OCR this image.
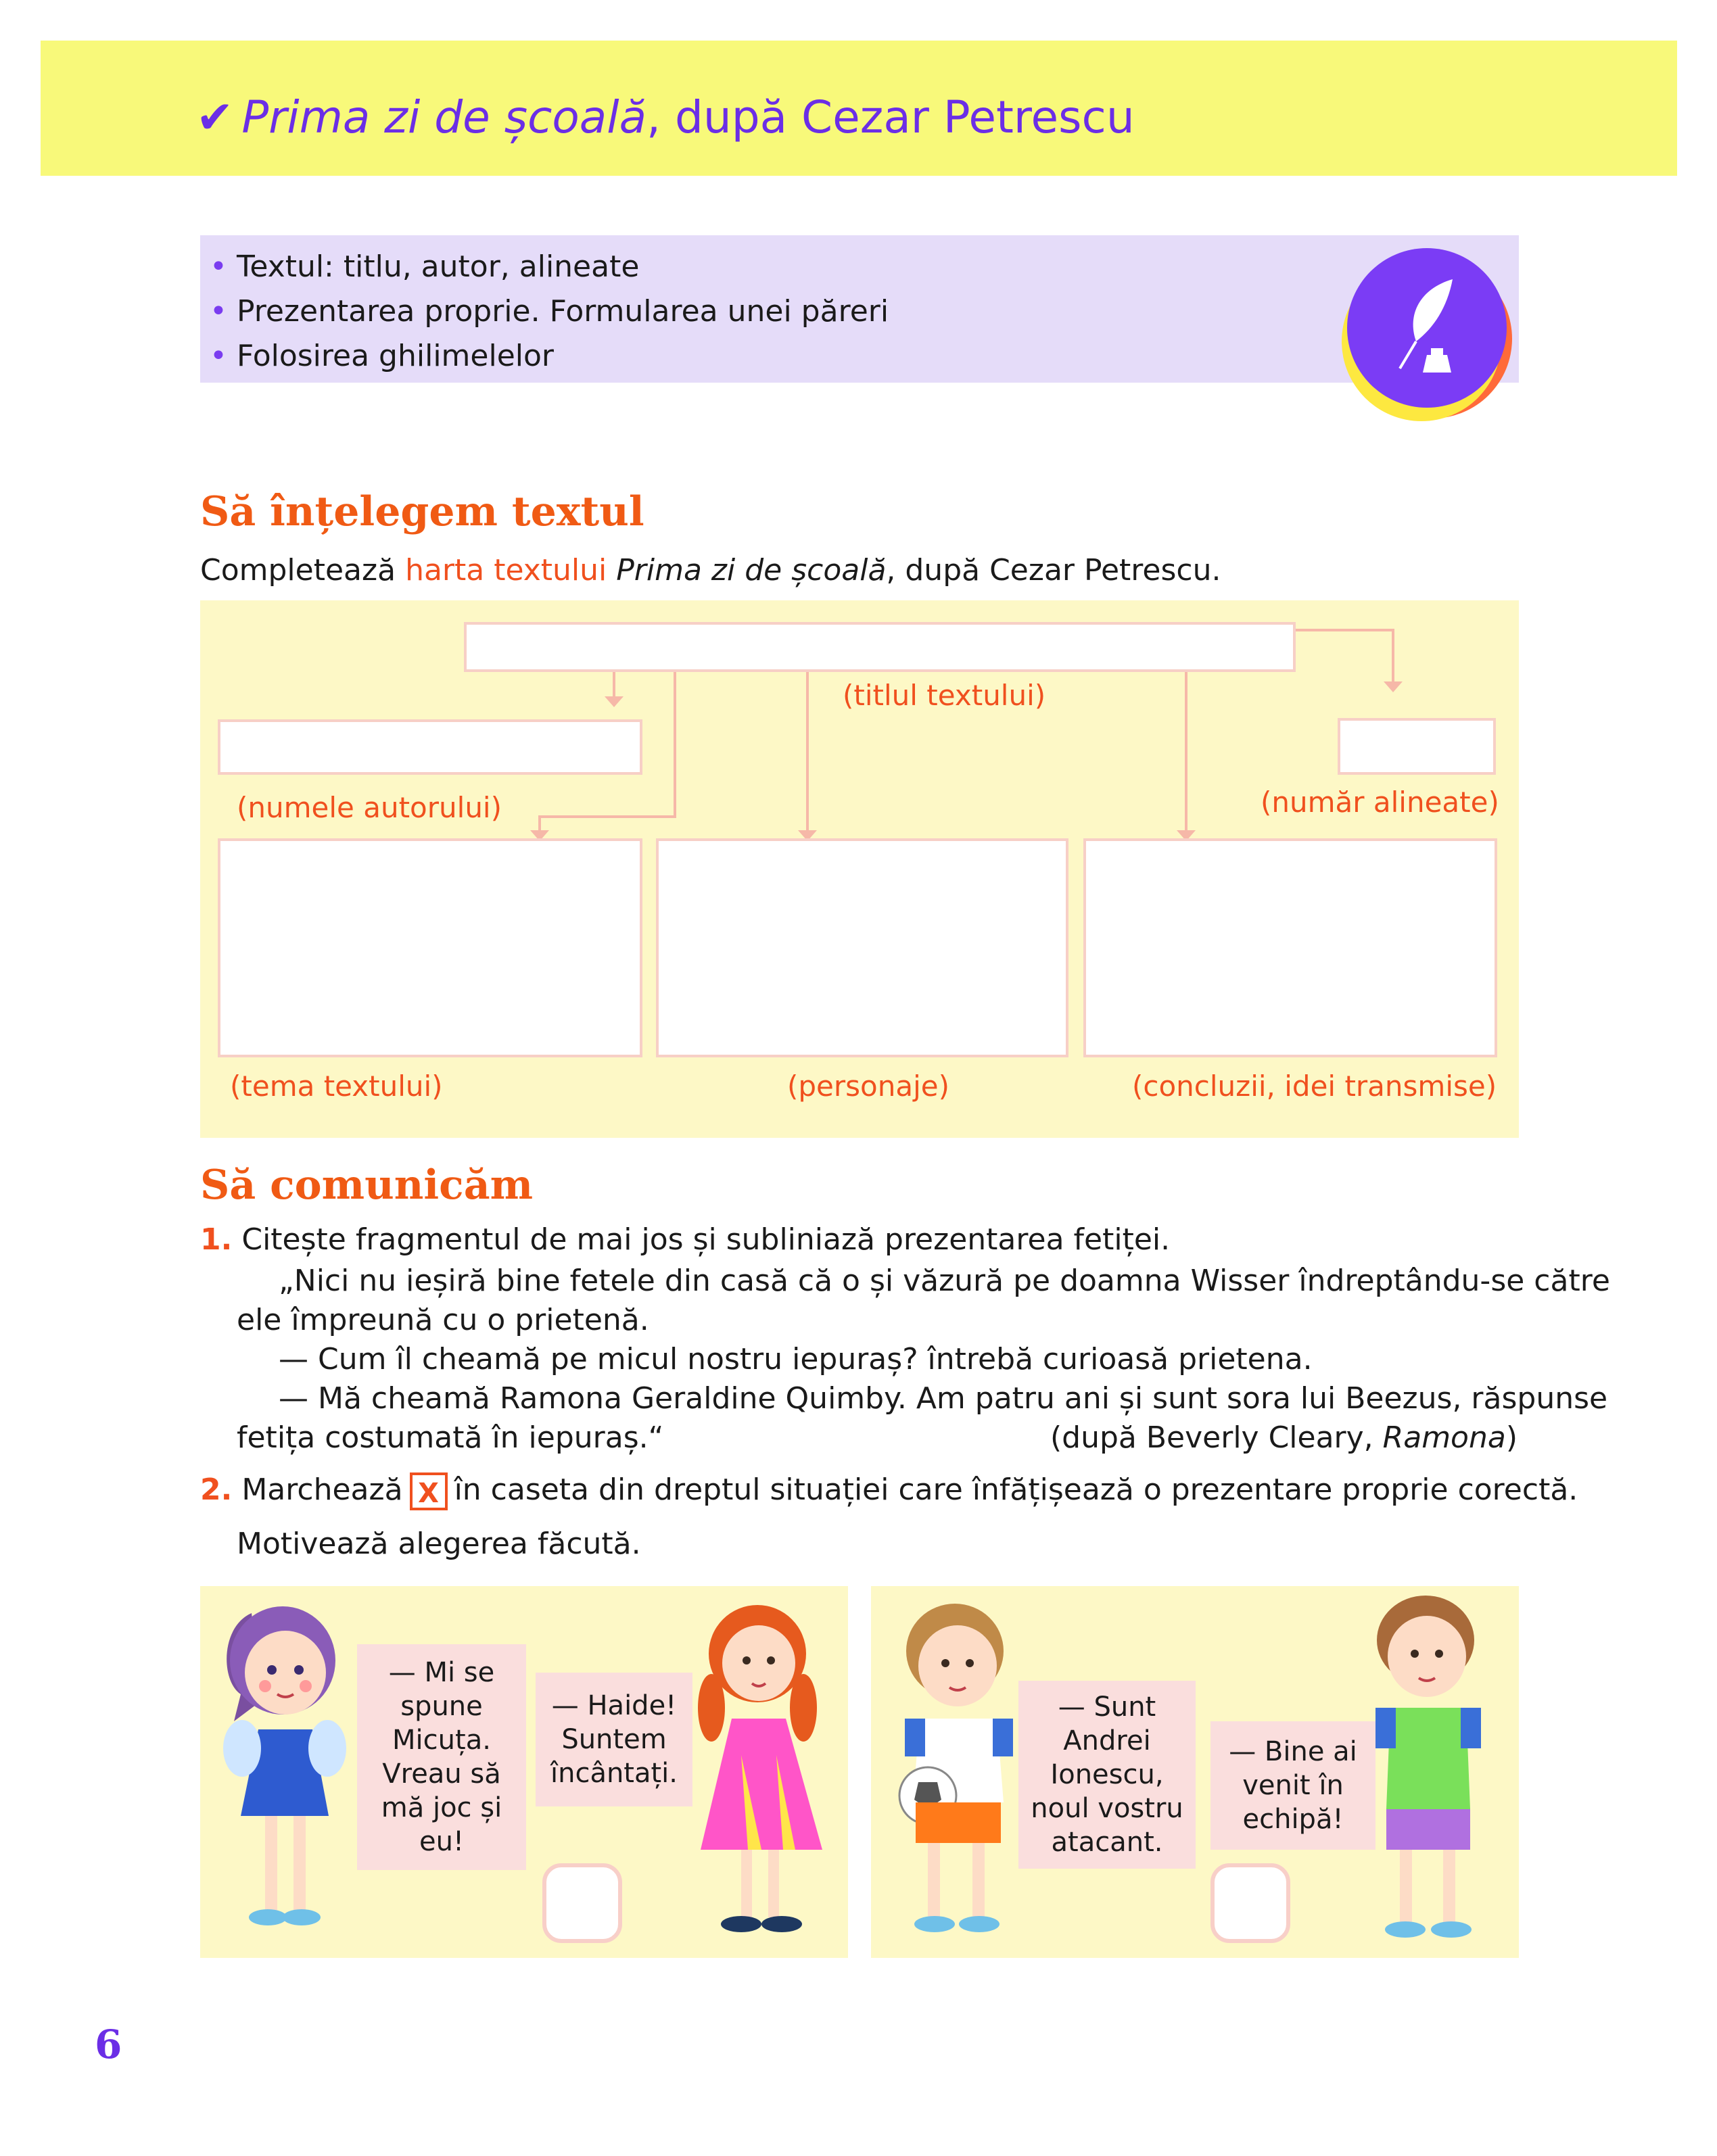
✔ Prima zi de școală, după Cezar Petrescu
• Textul: titlu, autor, alineate
• Prezentarea proprie. Formularea unei păreri
• Folosirea ghilimelelor
Să înțelegem textul
Completează harta textului Prima zi de școală, după Cezar Petrescu.
(titlul textului)
(numele autorului)	(număr alineate)
(tema textului)	(personaje)	(concluzii, idei transmise)
Să comunicăm
1. Citește fragmentul de mai jos și subliniază prezentarea fetiței.
„Nici nu ieșiră bine fetele din casă că o și văzură pe doamna Wisser îndreptându-se către
ele împreună cu o prietenă.
— Cum îl cheamă pe micul nostru iepuraș? întrebă curioasă prietena.
— Mă cheamă Ramona Geraldine Quimby. Am patru ani și sunt sora lui Beezus, răspunse
fetița costumată în iepuraș.“	(după Beverly Cleary, Ramona)
2. Marchează X în caseta din dreptul situației care înfățișează o prezentare proprie corectă.
Motivează alegerea făcută.
— Mi se
spune
Micuța.
Vreau să
mă joc și
eu!
— Haide!
Suntem
încântați.
— Sunt
Andrei
Ionescu,
noul vostru
atacant.
— Bine ai
venit în
echipă!
6
